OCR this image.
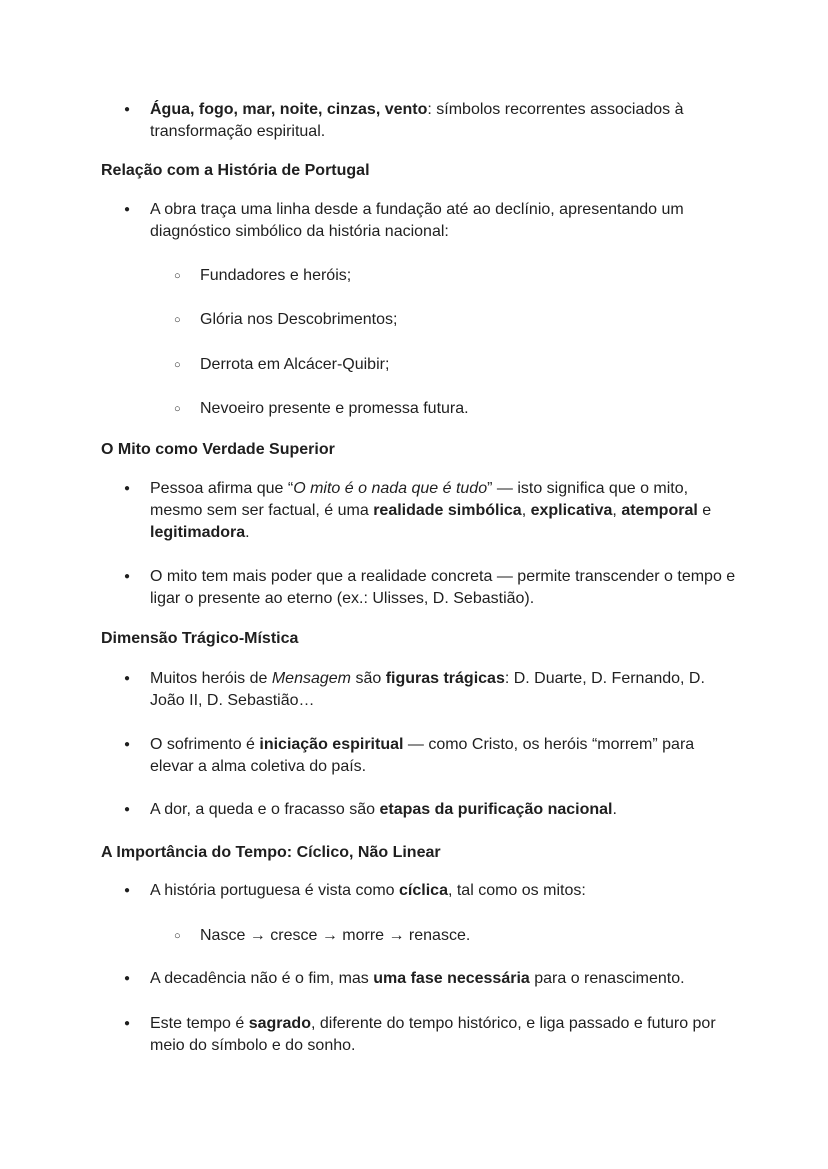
● Água, fogo, mar, noite, cinzas, vento: símbolos recorrentes associados à transformação espiritual.

Relação com a História de Portugal

● A obra traça uma linha desde a fundação até ao declínio, apresentando um diagnóstico simbólico da história nacional:

○ Fundadores e heróis;

○ Glória nos Descobrimentos;

○ Derrota em Alcácer-Quibir;

○ Nevoeiro presente e promessa futura.

O Mito como Verdade Superior

● Pessoa afirma que “O mito é o nada que é tudo” — isto significa que o mito, mesmo sem ser factual, é uma realidade simbólica, explicativa, atemporal e legitimadora.

● O mito tem mais poder que a realidade concreta — permite transcender o tempo e ligar o presente ao eterno (ex.: Ulisses, D. Sebastião).

Dimensão Trágico-Mística

● Muitos heróis de Mensagem são figuras trágicas: D. Duarte, D. Fernando, D. João II, D. Sebastião…

● O sofrimento é iniciação espiritual — como Cristo, os heróis “morrem” para elevar a alma coletiva do país.

● A dor, a queda e o fracasso são etapas da purificação nacional.

A Importância do Tempo: Cíclico, Não Linear

● A história portuguesa é vista como cíclica, tal como os mitos:

○ Nasce → cresce → morre → renasce.

● A decadência não é o fim, mas uma fase necessária para o renascimento.

● Este tempo é sagrado, diferente do tempo histórico, e liga passado e futuro por meio do símbolo e do sonho.
